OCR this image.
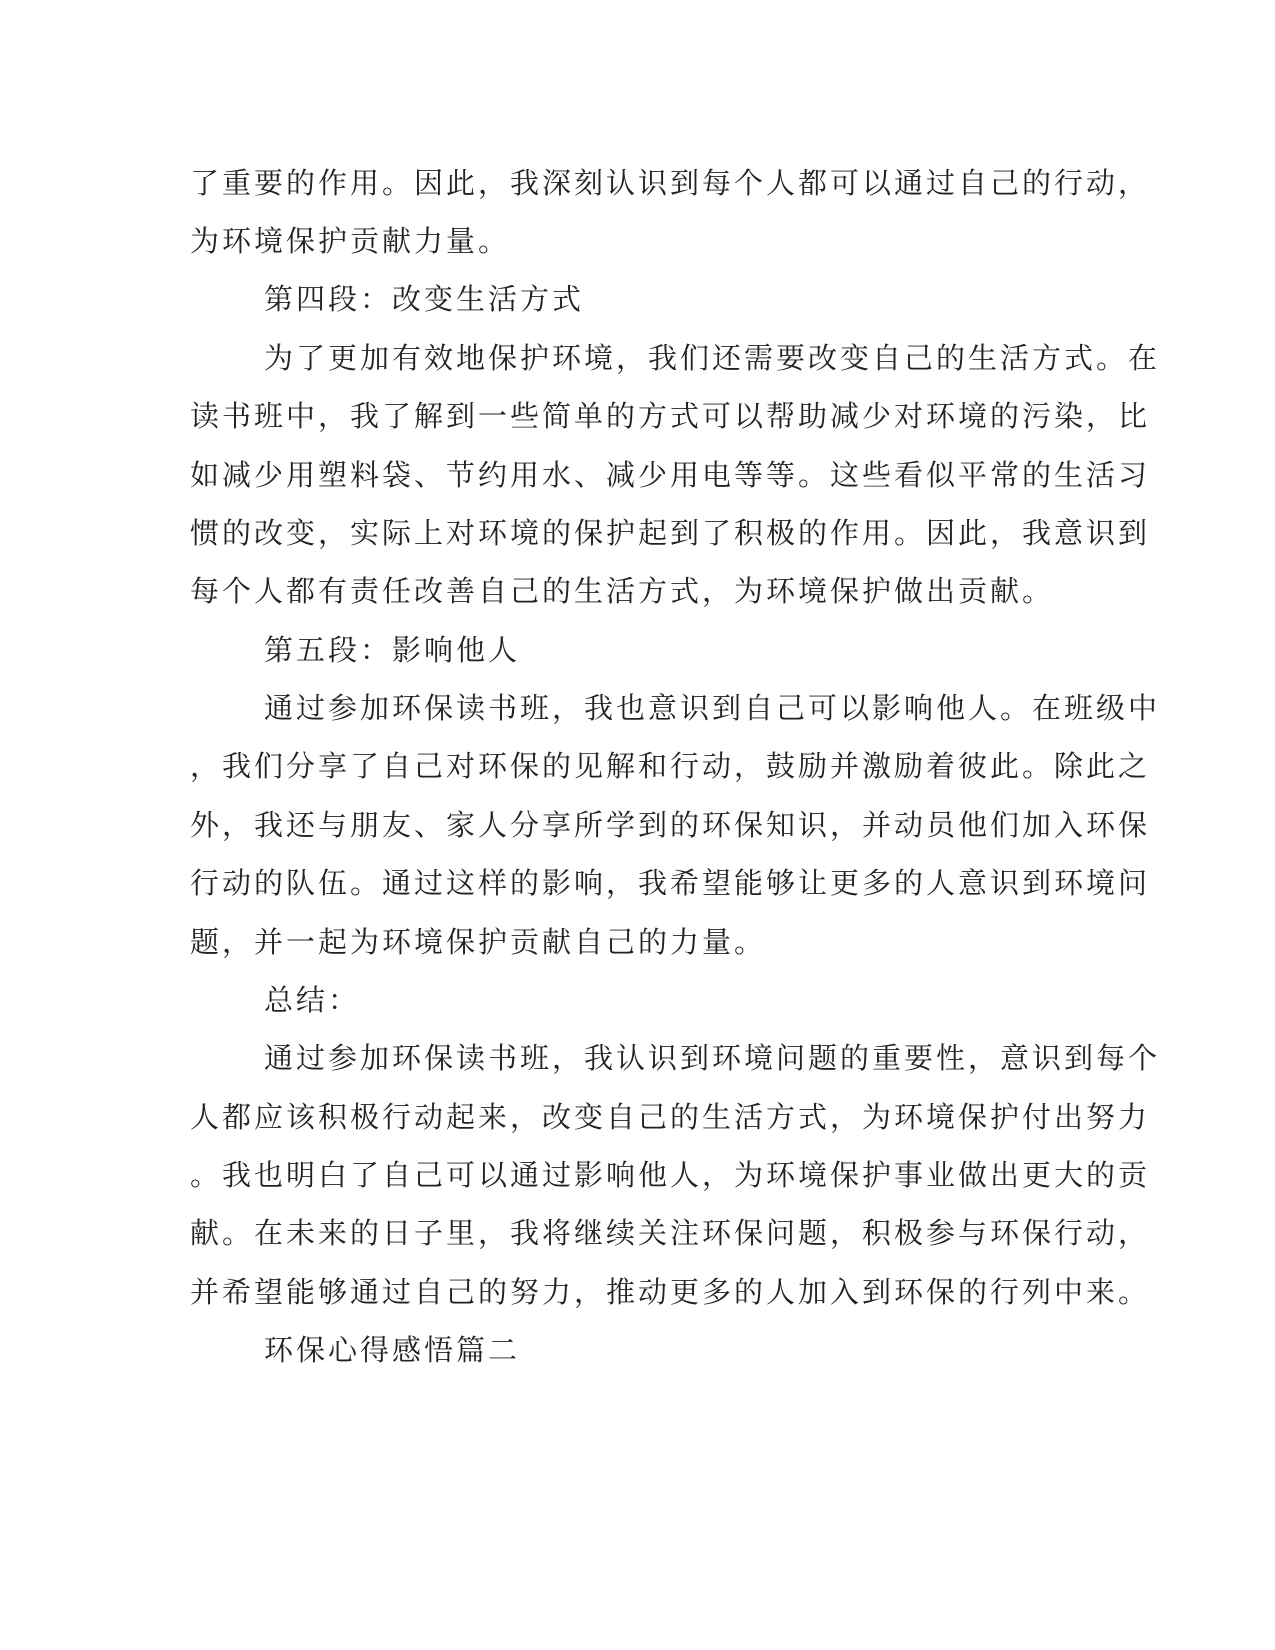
了重要的作用。因此，我深刻认识到每个人都可以通过自己的行动，
为环境保护贡献力量。
第四段：改变生活方式
为了更加有效地保护环境，我们还需要改变自己的生活方式。在
读书班中，我了解到一些简单的方式可以帮助减少对环境的污染，比
如减少用塑料袋、节约用水、减少用电等等。这些看似平常的生活习
惯的改变，实际上对环境的保护起到了积极的作用。因此，我意识到
每个人都有责任改善自己的生活方式，为环境保护做出贡献。
第五段：影响他人
通过参加环保读书班，我也意识到自己可以影响他人。在班级中
，我们分享了自己对环保的见解和行动，鼓励并激励着彼此。除此之
外，我还与朋友、家人分享所学到的环保知识，并动员他们加入环保
行动的队伍。通过这样的影响，我希望能够让更多的人意识到环境问
题，并一起为环境保护贡献自己的力量。
总结：
通过参加环保读书班，我认识到环境问题的重要性，意识到每个
人都应该积极行动起来，改变自己的生活方式，为环境保护付出努力
。我也明白了自己可以通过影响他人，为环境保护事业做出更大的贡
献。在未来的日子里，我将继续关注环保问题，积极参与环保行动，
并希望能够通过自己的努力，推动更多的人加入到环保的行列中来。
环保心得感悟篇二
